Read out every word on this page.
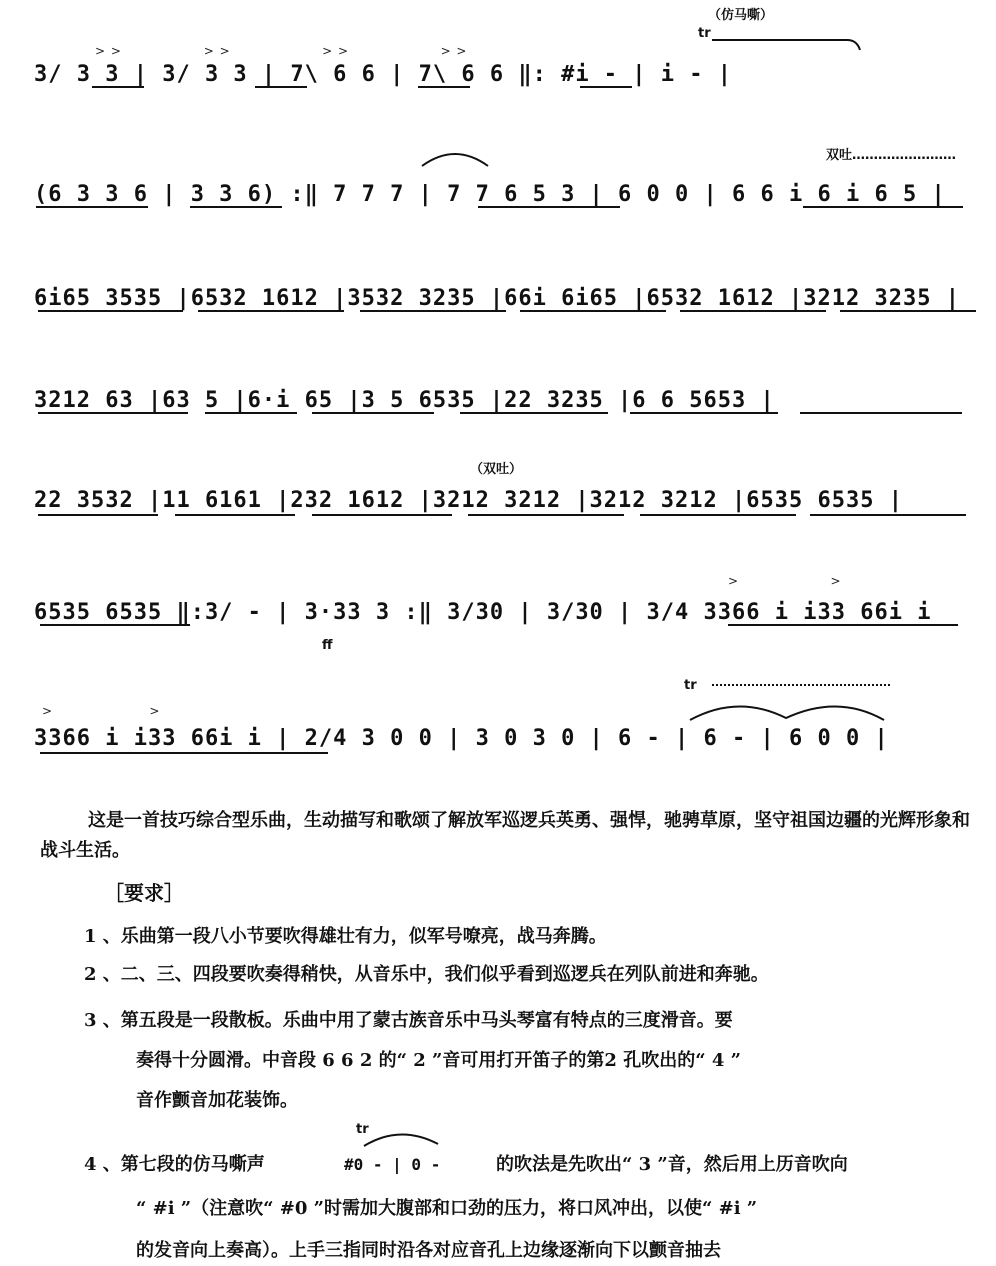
（仿马嘶）
tr
> >                 > >                   > >                   > >
3/ 3 3 | 3/ 3 3 | 7\ 6 6 | 7\ 6 6 ‖: #i - | i - |
双吐……………………
(6 3 3 6 | 3 3 6) :‖ 7 7 7 | 7 7 6 5 3 | 6 0 0 | 6 6 i 6 i 6 5 |
6i65 3535 |6532 1612 |3532 3235 |66i 6i65 |6532 1612 |3212 3235 |
3212 63 |63 5 |6·i 65 |3 5 6535 |22 3235 |6 6 5653 |
（双吐）
22 3532 |11 6161 |232 1612 |3212 3212 |3212 3212 |6535 6535 |
>                   >
6535 6535 ‖:3/ - | 3·33 3 :‖ 3/30 | 3/30 | 3/4 3366 i i33 66i i
ff
tr
>                    >
3366 i i33 66i i | 2/4 3 0 0 | 3 0 3 0 | 6 - | 6 - | 6 0 0 |
这是一首技巧综合型乐曲，生动描写和歌颂了解放军巡逻兵英勇、强悍，驰骋草原，坚守祖国边疆的光辉形象和战斗生活。
［要求］
1 、乐曲第一段八小节要吹得雄壮有力，似军号嘹亮，战马奔腾。
2 、二、三、四段要吹奏得稍快，从音乐中，我们似乎看到巡逻兵在列队前进和奔驰。
3 、第五段是一段散板。乐曲中用了蒙古族音乐中马头琴富有特点的三度滑音。要
奏得十分圆滑。中音段 6 6 2 的“ 2 ”音可用打开笛子的第2 孔吹出的“ 4 ”
音作颤音加花装饰。
tr
4 、第七段的仿马嘶声	#0 - | 0 -	的吹法是先吹出“ 3 ”音，然后用上历音吹向
“ #i ”（注意吹“ #0 ”时需加大腹部和口劲的压力，将口风冲出，以使“ #i ”
的发音向上奏高）。上手三指同时沿各对应音孔上边缘逐渐向下以颤音抽去
